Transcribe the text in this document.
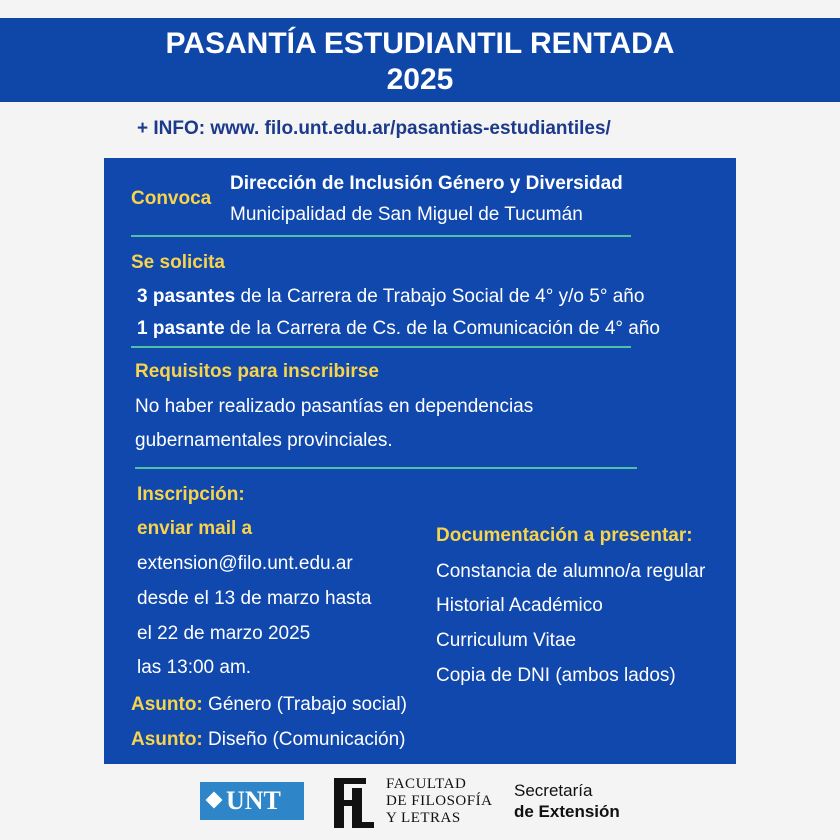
PASANTÍA ESTUDIANTIL RENTADA
2025
+ INFO: www. filo.unt.edu.ar/pasantias-estudiantiles/
Convoca
Dirección de Inclusión Género y Diversidad
Municipalidad de San Miguel de Tucumán
Se solicita
3 pasantes de la Carrera de Trabajo Social de 4° y/o 5° año
1 pasante de la Carrera de Cs. de la Comunicación de 4° año
Requisitos para inscribirse
No haber realizado pasantías en dependencias
gubernamentales provinciales.
Inscripción:
enviar mail a
extension@filo.unt.edu.ar
desde el 13 de marzo hasta
el 22 de marzo 2025
las 13:00 am.
Asunto: Género (Trabajo social)
Asunto: Diseño (Comunicación)
Documentación a presentar:
Constancia de alumno/a regular
Historial Académico
Curriculum Vitae
Copia de DNI (ambos lados)
UNT
FACULTAD
DE FILOSOFÍA
Y LETRAS
Secretaría
de Extensión
